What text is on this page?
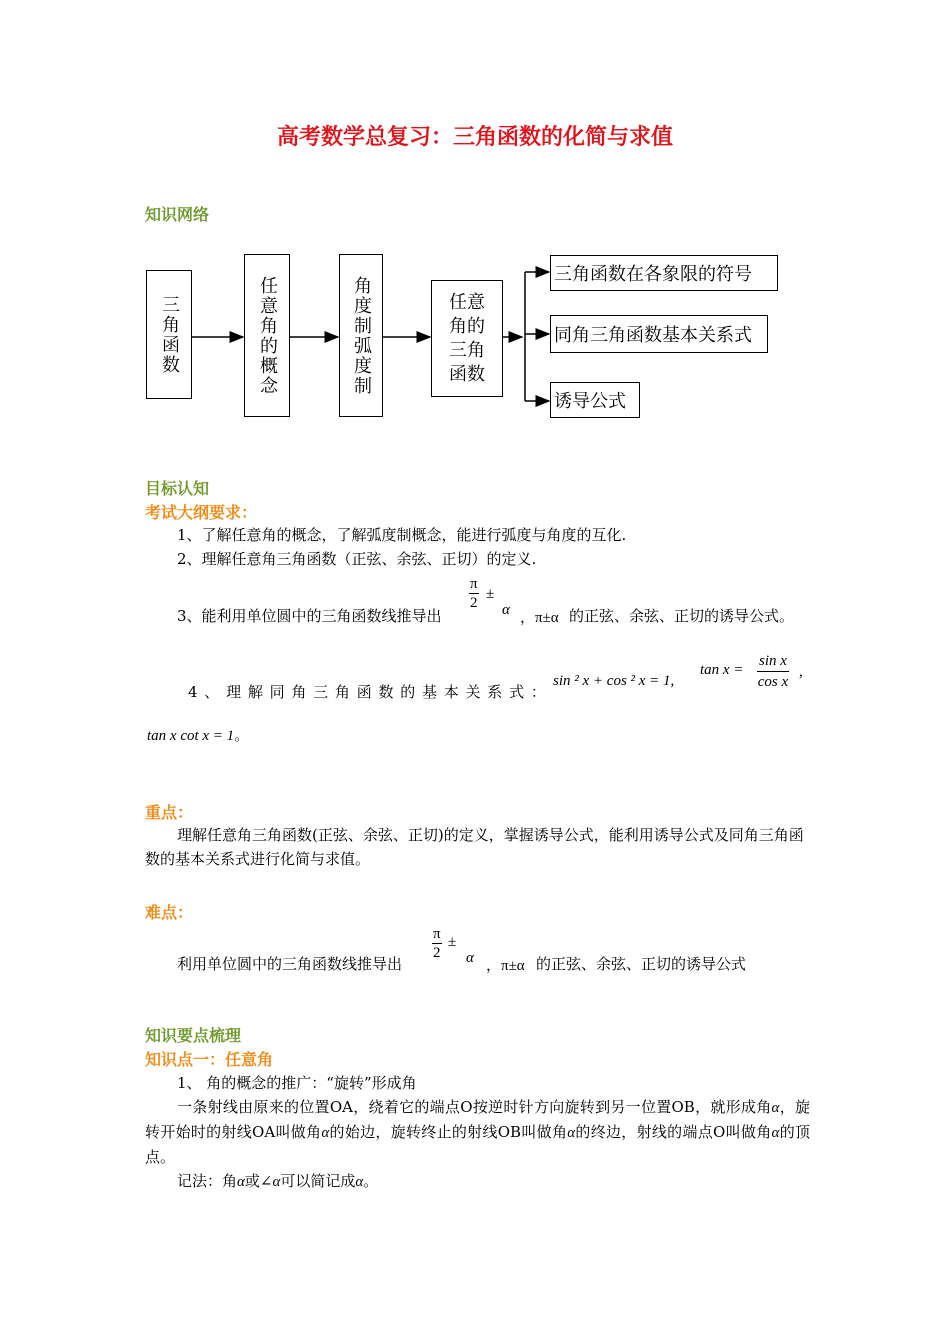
高考数学总复习：三角函数的化简与求值
知识网络
三角函数	任意角的概念	角度制弧度制	任意角的三角函数
三角函数在各象限的符号
同角三角函数基本关系式
诱导公式
目标认知
考试大纲要求：
1、了解任意角的概念，了解弧度制概念，能进行弧度与角度的互化.
2、理解任意角三角函数（正弦、余弦、正切）的定义.
3、能利用单位圆中的三角函数线推导出
$\frac{\pi}{2}$ ±
α ，π±α 的正弦、余弦、正切的诱导公式。
4 、 理 解 同 角 三 角 函 数 的 基 本 关 系 式 ：
sin ² x + cos ² x = 1,
$\tan x = \frac{\text{sin x}}{\text{cos x}}$ ,
tan x cot x = 1。
重点：
理解任意角三角函数(正弦、余弦、正切)的定义，掌握诱导公式，能利用诱导公式及同角三角函数的基本关系式进行化简与求值。
难点：
利用单位圆中的三角函数线推导出
π
2
±
α ，π±α 的正弦、余弦、正切的诱导公式
知识要点梳理
知识点一：任意角
1、 角的概念的推广：“旋转”形成角
一条射线由原来的位置OA，绕着它的端点O按逆时针方向旋转到另一位置OB，就形成角α，旋转开始时的射线OA叫做角α的始边，旋转终止的射线OB叫做角α的终边，射线的端点O叫做角α的顶点。
记法：角α或∠α可以简记成α。
